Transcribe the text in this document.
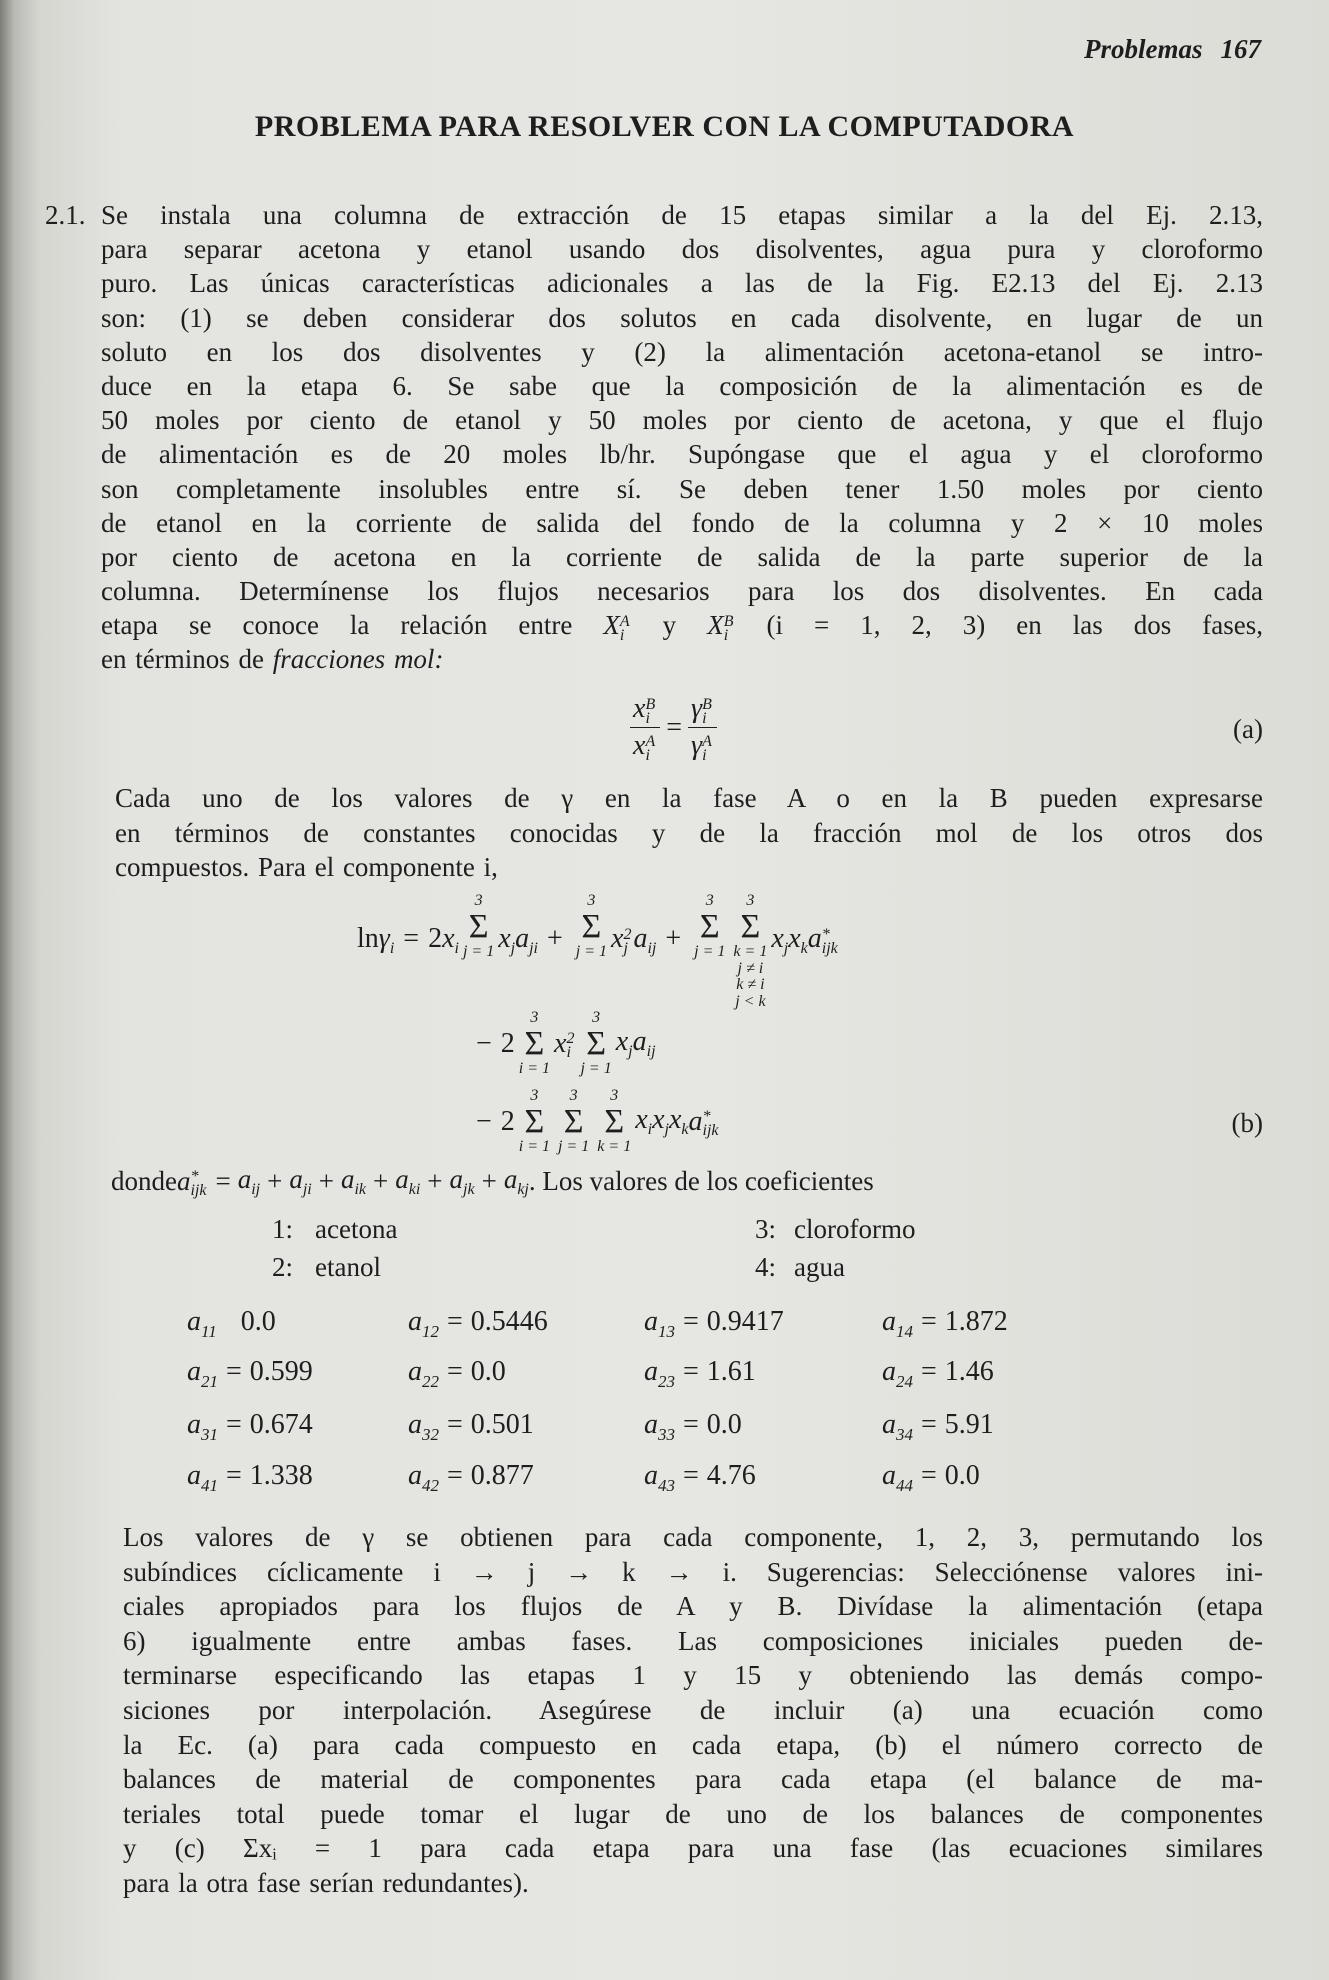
Problemas 167
PROBLEMA PARA RESOLVER CON LA COMPUTADORA
2.1. Se instala una columna de extracción de 15 etapas similar a la del Ej. 2.13,
para separar acetona y etanol usando dos disolventes, agua pura y cloroformo
puro. Las únicas características adicionales a las de la Fig. E2.13 del Ej. 2.13
son: (1) se deben considerar dos solutos en cada disolvente, en lugar de un
soluto en los dos disolventes y (2) la alimentación acetona-etanol se intro-
duce en la etapa 6. Se sabe que la composición de la alimentación es de
50 moles por ciento de etanol y 50 moles por ciento de acetona, y que el flujo
de alimentación es de 20 moles lb/hr. Supóngase que el agua y el cloroformo
son completamente insolubles entre sí. Se deben tener 1.50 moles por ciento
de etanol en la corriente de salida del fondo de la columna y 2 × 10 moles
por ciento de acetona en la corriente de salida de la parte superior de la
columna. Determínense los flujos necesarios para los dos disolventes. En cada
etapa se conoce la relación entre X A
i y X B
i (i = 1, 2, 3) en las dos fases,
en términos de fracciones mol:
x B
i
x A
i = γ B
i
γ A
i	(a)
Cada uno de los valores de γ en la fase A o en la B pueden expresarse
en términos de constantes conocidas y de la fracción mol de los otros dos
compuestos. Para el componente i,
$\ln \gamma_i = 2$ $x_i$
3
Σ
j = 1 $x_j$ $a_{ji}$ +
3
Σ
j = 1 x 2
j $a_{ij}$ +
3
Σ
j = 1
3
Σ
k = 1
j ≠ i
k ≠ i
j < k
$x_j$ $x_k$ a *
ijk
− 2
3
Σ
i = 1
x 2
i
3
Σ
j = 1
$x_j$ $a_{ij}$
− 2
3
Σ
i = 1
3
Σ
j = 1
3
Σ
k = 1
$x_i$ $x_j$ $x_k$ a *
ijk	(b)
donde a *
ijk = $a_{ij} + a_{ji} + a_{ik} + a_{ki} + a_{jk} + a_{kj}$ . Los valores de los coeficientes
1: acetona
2: etanol
3: cloroformo
4: agua
$a_{11}$ 0.0	$a_{12} = 0.5446$	$a_{13} = 0.9417$	$a_{14} = 1.872$
$a_{21} = 0.599$	$a_{22} = 0.0$	$a_{23} = 1.61$	$a_{24} = 1.46$
$a_{31} = 0.674$	$a_{32} = 0.501$	$a_{33} = 0.0$	$a_{34} = 5.91$
$a_{41} = 1.338$	$a_{42} = 0.877$	$a_{43} = 4.76$	$a_{44} = 0.0$
Los valores de γ se obtienen para cada componente, 1, 2, 3, permutando los
subíndices cíclicamente i → j → k → i. Sugerencias: Selecciónense valores ini-
ciales apropiados para los flujos de A y B. Divídase la alimentación (etapa
6) igualmente entre ambas fases. Las composiciones iniciales pueden de-
terminarse especificando las etapas 1 y 15 y obteniendo las demás compo-
siciones por interpolación. Asegúrese de incluir (a) una ecuación como
la Ec. (a) para cada compuesto en cada etapa, (b) el número correcto de
balances de material de componentes para cada etapa (el balance de ma-
teriales total puede tomar el lugar de uno de los balances de componentes
y (c) Σxᵢ = 1 para cada etapa para una fase (las ecuaciones similares
para la otra fase serían redundantes).
